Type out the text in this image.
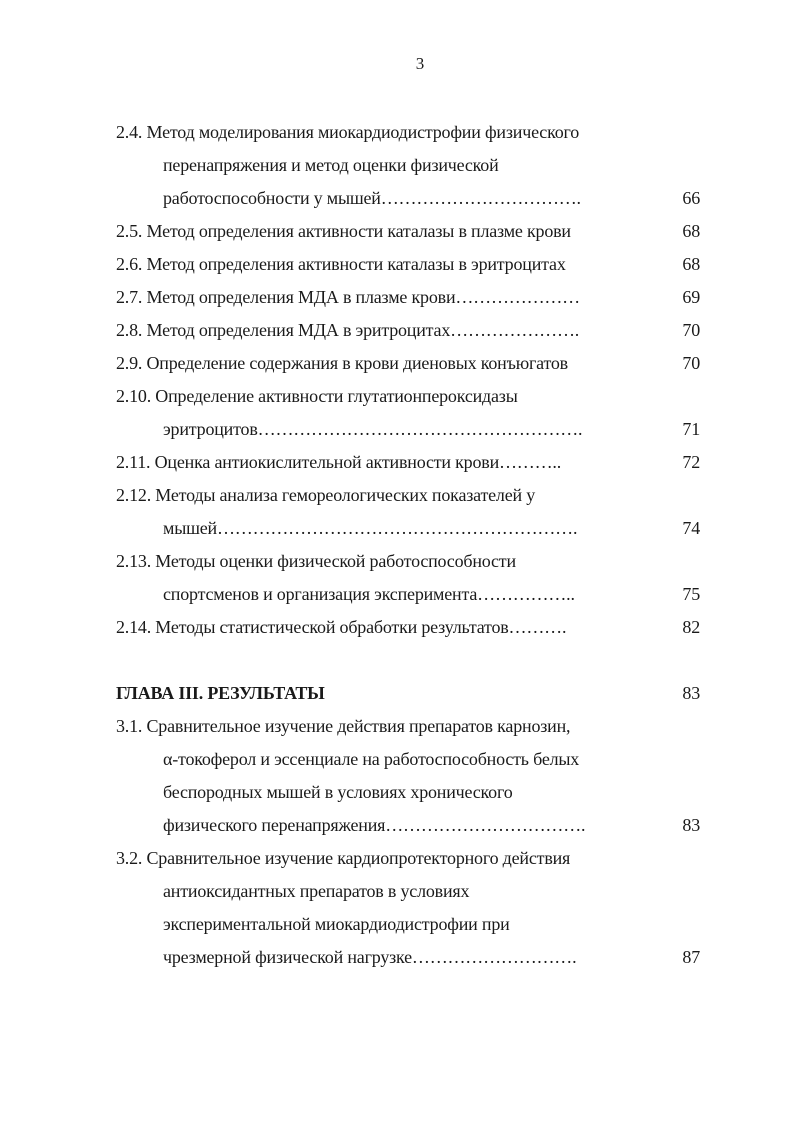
3
2.4. Метод моделирования миокардиодистрофии физического
перенапряжения и метод оценки физической
работоспособности у мышей…………………………….	66
2.5. Метод определения активности каталазы в плазме крови	68
2.6. Метод определения активности каталазы в эритроцитах	68
2.7. Метод определения МДА в плазме крови…………………	69
2.8. Метод определения МДА в эритроцитах………………….	70
2.9. Определение содержания в крови диеновых конъюгатов	70
2.10. Определение активности глутатионпероксидазы
эритроцитов……………………………………………….	71
2.11. Оценка антиокислительной активности крови………..	72
2.12. Методы анализа гемореологических показателей у
мышей…………………………………………………….	74
2.13. Методы оценки физической работоспособности
спортсменов и организация эксперимента……………..	75
2.14. Методы статистической обработки результатов……….	82
ГЛАВА III. РЕЗУЛЬТАТЫ	83
3.1. Сравнительное изучение действия препаратов карнозин,
α-токоферол и эссенциале на работоспособность белых
беспородных мышей в условиях хронического
физического перенапряжения…………………………….	83
3.2. Сравнительное изучение кардиопротекторного действия
антиоксидантных препаратов в условиях
экспериментальной миокардиодистрофии при
чрезмерной физической нагрузке……………………….	87
